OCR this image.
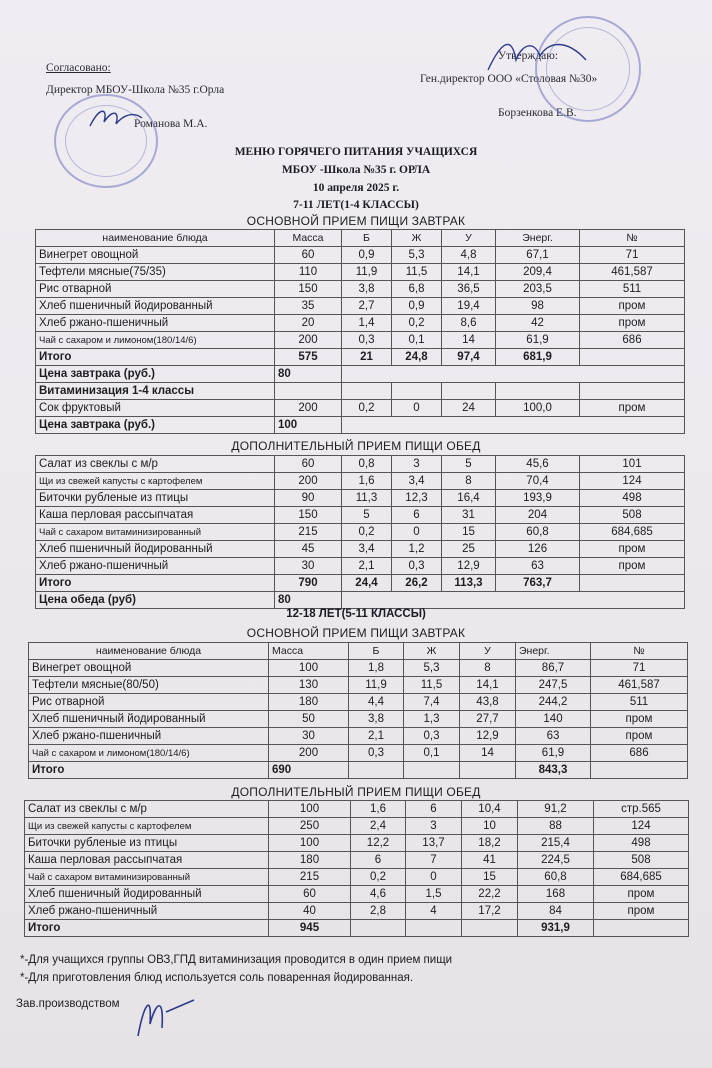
Согласовано:
Директор МБОУ-Школа №35 г.Орла
Романова М.А.
Утверждаю:
Ген.директор ООО «Столовая №30»
Борзенкова Е.В.
МЕНЮ ГОРЯЧЕГО ПИТАНИЯ УЧАЩИХСЯ
МБОУ -Школа №35 г. ОРЛА
10 апреля 2025 г.
7-11 ЛЕТ(1-4 КЛАССЫ)
ОСНОВНОЙ ПРИЕМ ПИЩИ ЗАВТРАК
наименование блюда	Масса	Б	Ж	У	Энерг.	№
Винегрет овощной	60	0,9	5,3	4,8	67,1	71
Тефтели мясные(75/35)	110	11,9	11,5	14,1	209,4	461,587
Рис отварной	150	3,8	6,8	36,5	203,5	511
Хлеб пшеничный йодированный	35	2,7	0,9	19,4	98	пром
Хлеб ржано-пшеничный	20	1,4	0,2	8,6	42	пром
Чай с сахаром и лимоном(180/14/6)	200	0,3	0,1	14	61,9	686
Итого	575	21	24,8	97,4	681,9	
Цена завтрака (руб.)	80					
Витаминизация 1-4 классы						
Сок фруктовый	200	0,2	0	24	100,0	пром
Цена завтрака (руб.)	100					
ДОПОЛНИТЕЛЬНЫЙ ПРИЕМ ПИЩИ ОБЕД
Салат из свеклы с м/р	60	0,8	3	5	45,6	101
Щи из свежей капусты с картофелем	200	1,6	3,4	8	70,4	124
Биточки рубленые из птицы	90	11,3	12,3	16,4	193,9	498
Каша перловая рассыпчатая	150	5	6	31	204	508
Чай с сахаром витаминизированный	215	0,2	0	15	60,8	684,685
Хлеб пшеничный йодированный	45	3,4	1,2	25	126	пром
Хлеб ржано-пшеничный	30	2,1	0,3	12,9	63	пром
Итого	790	24,4	26,2	113,3	763,7	
Цена обеда (руб)	80					
12-18 ЛЕТ(5-11 КЛАССЫ)
ОСНОВНОЙ ПРИЕМ ПИЩИ ЗАВТРАК
наименование блюда	Масса	Б	Ж	У	Энерг.	№
Винегрет овощной	100	1,8	5,3	8	86,7	71
Тефтели мясные(80/50)	130	11,9	11,5	14,1	247,5	461,587
Рис отварной	180	4,4	7,4	43,8	244,2	511
Хлеб пшеничный йодированный	50	3,8	1,3	27,7	140	пром
Хлеб ржано-пшеничный	30	2,1	0,3	12,9	63	пром
Чай с сахаром и лимоном(180/14/6)	200	0,3	0,1	14	61,9	686
Итого	690				843,3	
ДОПОЛНИТЕЛЬНЫЙ ПРИЕМ ПИЩИ ОБЕД
Салат из свеклы с м/р	100	1,6	6	10,4	91,2	стр.565
Щи из свежей капусты с картофелем	250	2,4	3	10	88	124
Биточки рубленые из птицы	100	12,2	13,7	18,2	215,4	498
Каша перловая рассыпчатая	180	6	7	41	224,5	508
Чай с сахаром витаминизированный	215	0,2	0	15	60,8	684,685
Хлеб пшеничный йодированный	60	4,6	1,5	22,2	168	пром
Хлеб ржано-пшеничный	40	2,8	4	17,2	84	пром
Итого	945				931,9	
*-Для учащихся группы ОВЗ,ГПД витаминизация проводится в один прием пищи
*-Для приготовления блюд используется соль поваренная йодированная.
Зав.производством
